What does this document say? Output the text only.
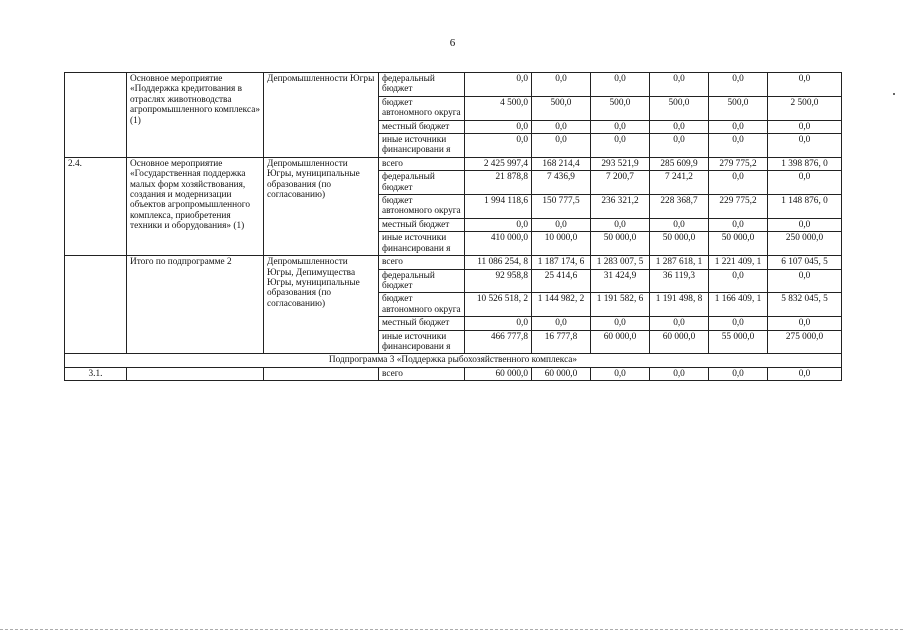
6
	Основное мероприятие «Поддержка кредитования в отраслях животноводства агропромышленного комплекса» (1)	Депромышленности Югры	федеральный бюджет	0,0	0,0	0,0	0,0	0,0	0,0
			бюджет автономного округа	4 500,0	500,0	500,0	500,0	500,0	2 500,0
			местный бюджет	0,0	0,0	0,0	0,0	0,0	0,0
			иные источники финансировани я	0,0	0,0	0,0	0,0	0,0	0,0
2.4.	Основное мероприятие «Государственная поддержка малых форм хозяйствования, создания и модернизации объектов агропромышленного комплекса, приобретения техники и оборудования» (1)	Депромышленности Югры, муниципальные образования (по согласованию)	всего	2 425 997,4	168 214,4	293 521,9	285 609,9	279 775,2	1 398 876, 0
			федеральный бюджет	21 878,8	7 436,9	7 200,7	7 241,2	0,0	0,0
			бюджет автономного округа	1 994 118,6	150 777,5	236 321,2	228 368,7	229 775,2	1 148 876, 0
			местный бюджет	0,0	0,0	0,0	0,0	0,0	0,0
			иные источники финансировани я	410 000,0	10 000,0	50 000,0	50 000,0	50 000,0	250 000,0
	Итого по подпрограмме 2	Депромышленности Югры, Депимущества Югры, муниципальные образования (по согласованию)	всего	11 086 254, 8	1 187 174, 6	1 283 007, 5	1 287 618, 1	1 221 409, 1	6 107 045, 5
			федеральный бюджет	92 958,8	25 414,6	31 424,9	36 119,3	0,0	0,0
			бюджет автономного округа	10 526 518, 2	1 144 982, 2	1 191 582, 6	1 191 498, 8	1 166 409, 1	5 832 045, 5
			местный бюджет	0,0	0,0	0,0	0,0	0,0	0,0
			иные источники финансировани я	466 777,8	16 777,8	60 000,0	60 000,0	55 000,0	275 000,0
Подпрограмма 3 «Поддержка рыбохозяйственного комплекса»									
3.1.			всего	60 000,0	60 000,0	0,0	0,0	0,0	0,0
